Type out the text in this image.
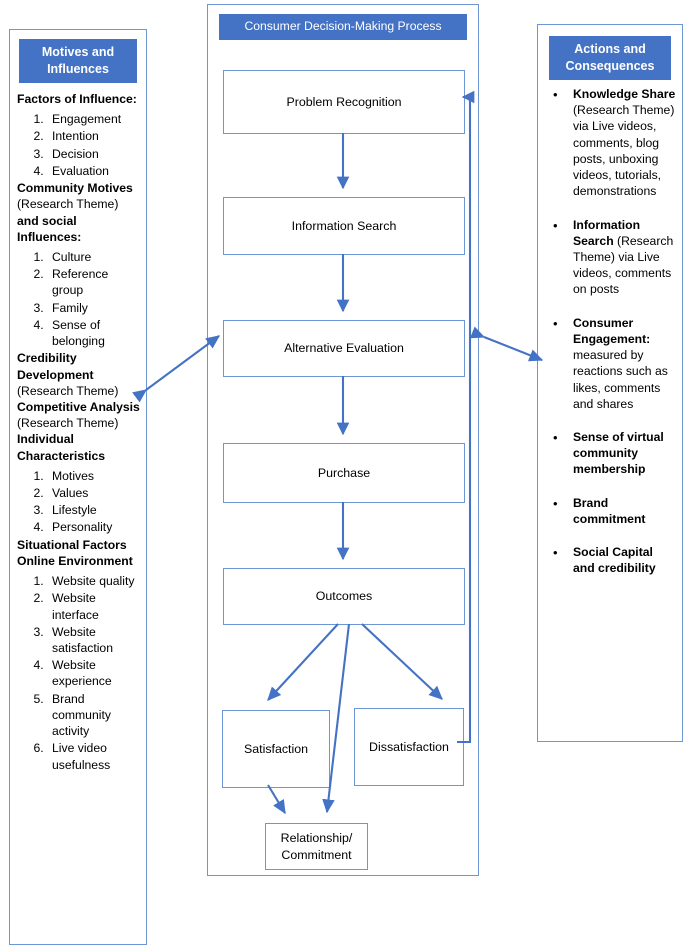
Motives and Influences
Factors of Influence:
1. Engagement
2. Intention
3. Decision
4. Evaluation
Community Motives
(Research Theme)
and social Influences:
1. Culture
2. Reference group
3. Family
4. Sense of belonging
Credibility Development
(Research Theme)
Competitive Analysis
(Research Theme)
Individual Characteristics
1. Motives
2. Values
3. Lifestyle
4. Personality
Situational Factors
Online Environment
1. Website quality
2. Website interface
3. Website satisfaction
4. Website experience
5. Brand community activity
6. Live video usefulness
Consumer Decision-Making Process
Problem Recognition
Information Search
Alternative Evaluation
Purchase
Outcomes
Satisfaction	Dissatisfaction
Relationship/ Commitment
Actions and Consequences
• Knowledge Share (Research Theme) via Live videos, comments, blog posts, unboxing videos, tutorials, demonstrations
• Information Search (Research Theme) via Live videos, comments on posts
• Consumer Engagement: measured by reactions such as likes, comments and shares
• Sense of virtual community membership
• Brand commitment
• Social Capital and credibility
